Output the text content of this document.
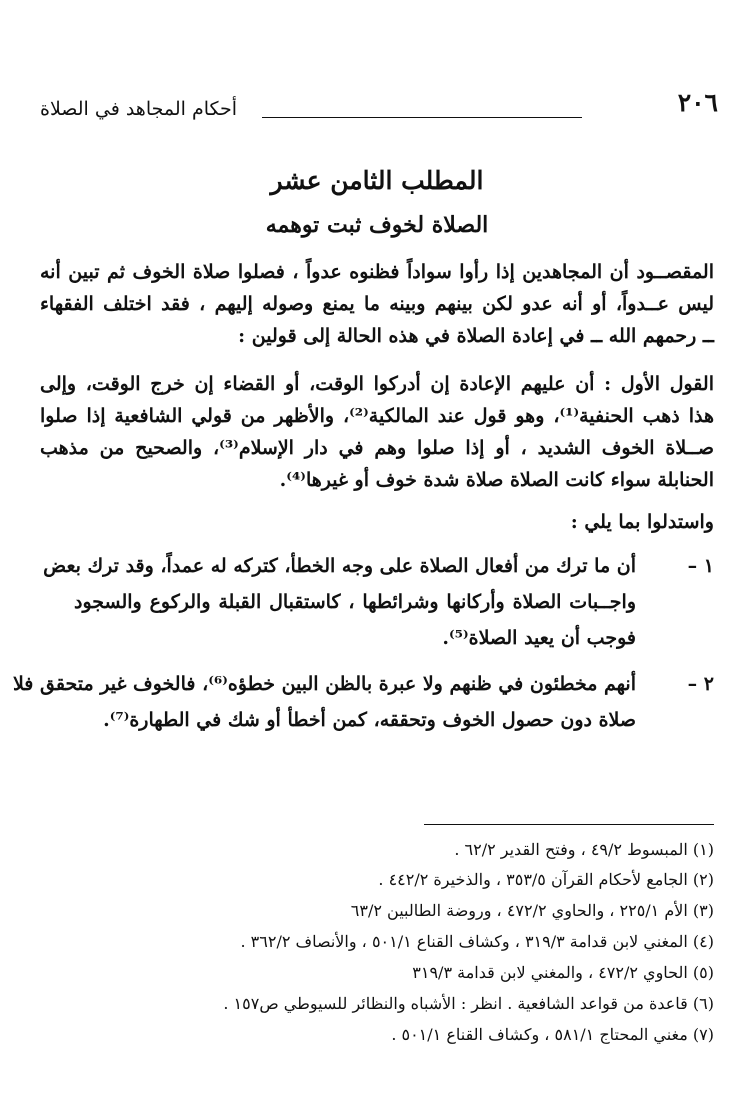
٢٠٦
أحكام المجاهد في الصلاة
المطلب الثامن عشر
الصلاة لخوف ثبت توهمه
المقصــود أن المجاهدين إذا رأوا سواداً فظنوه عدواً ، فصلوا صلاة الخوف ثم تبين أنه
ليس عــدواً، أو أنه عدو لكن بينهم وبينه ما يمنع وصوله إليهم ، فقد اختلف الفقهاء
ــ رحمهم الله ــ في إعادة الصلاة في هذه الحالة إلى قولين :
القول الأول : أن عليهم الإعادة إن أدركوا الوقت، أو القضاء إن خرج الوقت، وإلى
هذا ذهب الحنفية⁽¹⁾، وهو قول عند المالكية⁽²⁾، والأظهر من قولي الشافعية إذا صلوا
صــلاة الخوف الشديد ، أو إذا صلوا وهم في دار الإسلام⁽³⁾، والصحيح من مذهب
الحنابلة سواء كانت الصلاة صلاة شدة خوف أو غيرها⁽⁴⁾.
واستدلوا بما يلي :
١ –
أن ما ترك من أفعال الصلاة على وجه الخطأ، كتركه له عمداً، وقد ترك بعض
واجــبات الصلاة وأركانها وشرائطها ، كاستقبال القبلة والركوع والسجود
فوجب أن يعيد الصلاة⁽⁵⁾.
٢ –
أنهم مخطئون في ظنهم ولا عبرة بالظن البين خطؤه⁽⁶⁾، فالخوف غير متحقق فلا
صلاة دون حصول الخوف وتحققه، كمن أخطأ أو شك في الطهارة⁽⁷⁾.
(١) المبسوط ٤٩/٢ ، وفتح القدير ٦٢/٢ .
(٢) الجامع لأحكام القرآن ٣٥٣/٥ ، والذخيرة ٤٤٢/٢ .
(٣) الأم ٢٢٥/١ ، والحاوي ٤٧٢/٢ ، وروضة الطالبين ٦٣/٢
(٤) المغني لابن قدامة ٣١٩/٣ ، وكشاف القناع ٥٠١/١ ، والأنصاف ٣٦٢/٢ .
(٥) الحاوي ٤٧٢/٢ ، والمغني لابن قدامة ٣١٩/٣
(٦) قاعدة من قواعد الشافعية . انظر : الأشباه والنظائر للسيوطي ص١٥٧ .
(٧) مغني المحتاج ٥٨١/١ ، وكشاف القناع ٥٠١/١ .
